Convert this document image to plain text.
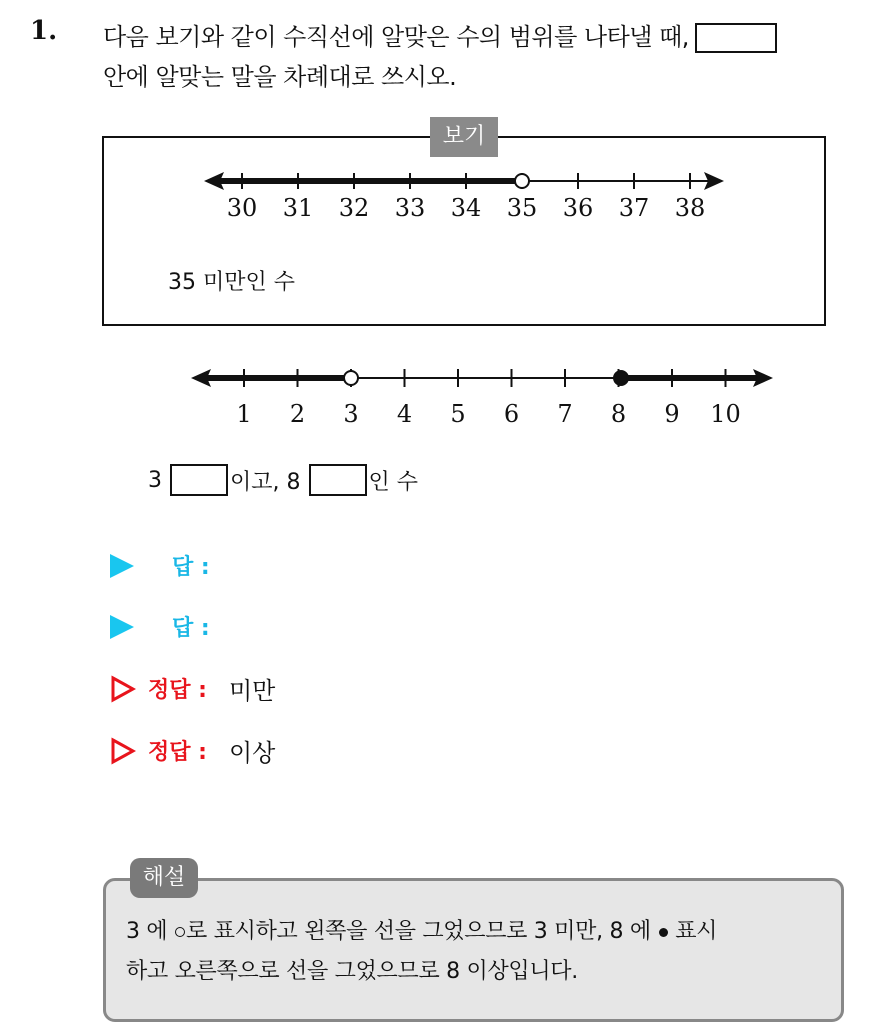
1. 다음 보기와 같이 수직선에 알맞은 수의 범위를 나타낼 때,
안에 알맞는 말을 차례대로 쓰시오.
보기
30 31 32 33 34 35 36 37 38
35 미만인 수
1 2 3 4 5 6 7 8 9 10
3	이고, 8	인 수
답 :
답 :
정답 : 미만
정답 : 이상
해설
3 에 로 표시하고 왼쪽을 선을 그었으므로 3 미만, 8 에 표시
하고 오른쪽으로 선을 그었으므로 8 이상입니다.
